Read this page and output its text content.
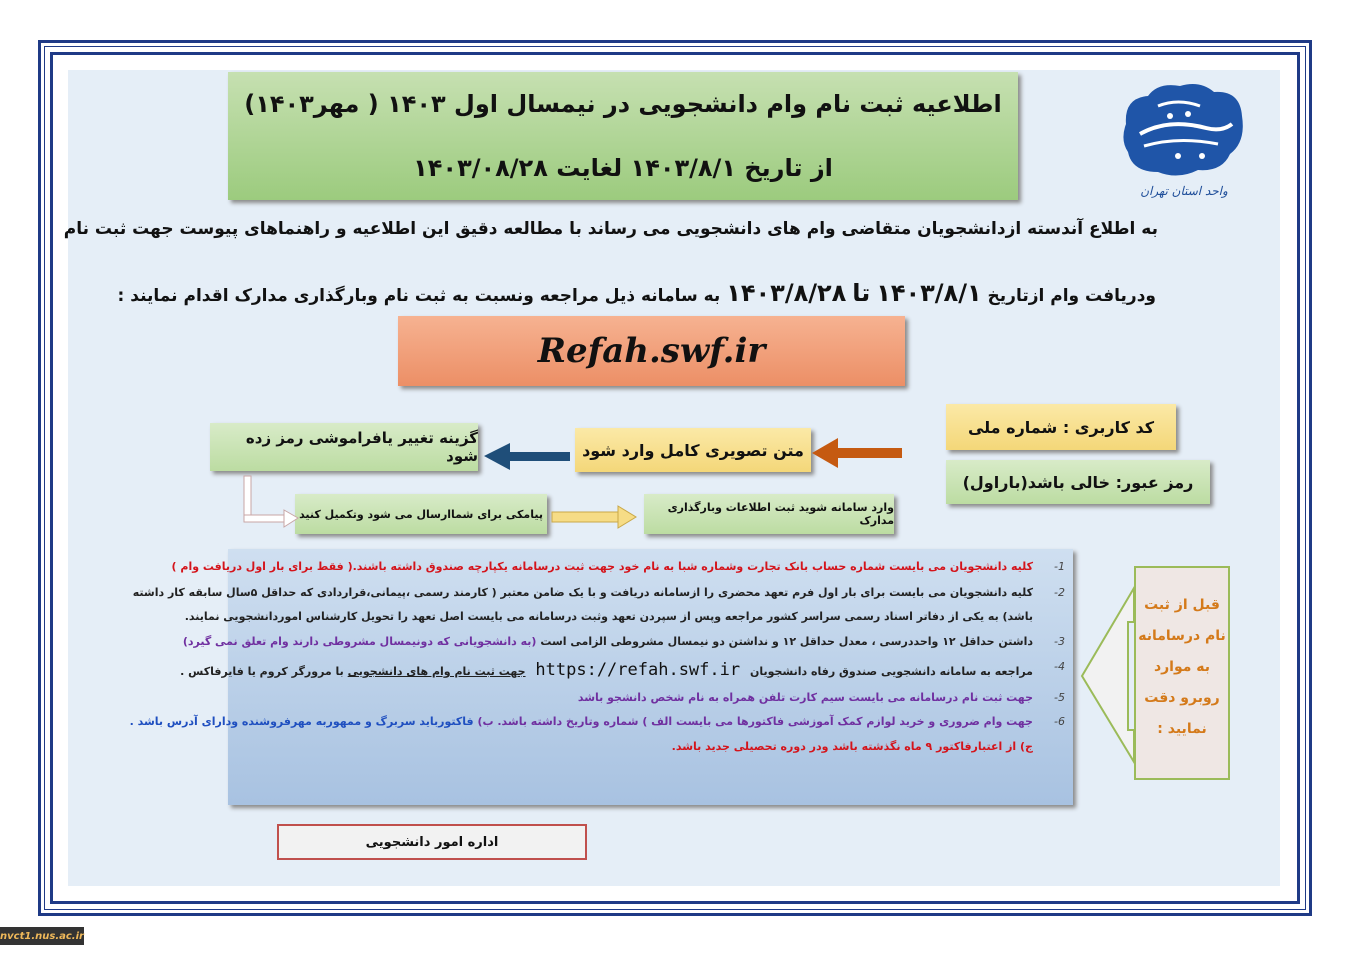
اطلاعیه ثبت نام وام دانشجویی در نیمسال اول ۱۴۰۳ ( مهر۱۴۰۳)
از تاریخ ۱۴۰۳/۸/۱ لغایت ۱۴۰۳/۰۸/۲۸
واحد استان تهران
به اطلاع آندسته ازدانشجویان متقاضی وام های دانشجویی می رساند با مطالعه دقیق این اطلاعیه و راهنماهای پیوست جهت ثبت نام
ودریافت وام ازتاریخ ۱۴۰۳/۸/۱ تا ۱۴۰۳/۸/۲۸ به سامانه ذیل مراجعه ونسبت به ثبت نام وبارگذاری مدارک اقدام نمایند :
Refah.swf.ir
کد کاربری : شماره ملی
رمز عبور: خالی باشد(باراول)
متن تصویری کامل وارد شود
گزینه تغییر یافراموشی رمز زده شود
وارد سامانه شوید ثبت اطلاعات وبارگذاری مدارک
پیامکی برای شماارسال می شود وتکمیل کنید
1-
کلیه دانشجویان می بایست شماره حساب بانک تجارت وشماره شبا به نام خود جهت ثبت درسامانه یکپارچه صندوق داشته باشند.( فقط برای بار اول دریافت وام )
2-
کلیه دانشجویان می بایست برای بار اول فرم تعهد محضری را ازسامانه دریافت و با یک ضامن معتبر ( کارمند رسمی ،پیمانی،قراردادی که حداقل ۵سال سابقه کار داشته
باشد) به یکی از دفاتر اسناد رسمی سراسر کشور مراجعه وپس از سپردن تعهد وثبت درسامانه می بایست اصل تعهد را تحویل کارشناس اموردانشجویی نمایند.
3-
داشتن حداقل ۱۲ واحددرسی ، معدل حداقل ۱۲ و نداشتن دو نیمسال مشروطی الزامی است (به دانشجویانی که دونیمسال مشروطی دارند وام تعلق نمی گیرد)
4-
مراجعه به سامانه دانشجویی صندوق رفاه دانشجویان https://refah.swf.ir جهت ثبت نام وام های دانشجویی با مرورگر کروم یا فایرفاکس .
5-
جهت ثبت نام درسامانه می بایست سیم کارت تلفن همراه به نام شخص دانشجو باشد
6-
جهت وام ضروری و خرید لوازم کمک آموزشی فاکتورها می بایست الف ) شماره وتاریخ داشته باشد. ب) فاکتورباید سربرگ و ممهوربه مهرفروشنده ودارای آدرس باشد .
ج) از اعتبارفاکتور ۹ ماه نگذشته باشد ودر دوره تحصیلی جدید باشد.
قبل از ثبت
نام درسامانه
به موارد
روبرو دقت
نمایید :
اداره امور دانشجویی
nvct1.nus.ac.ir
